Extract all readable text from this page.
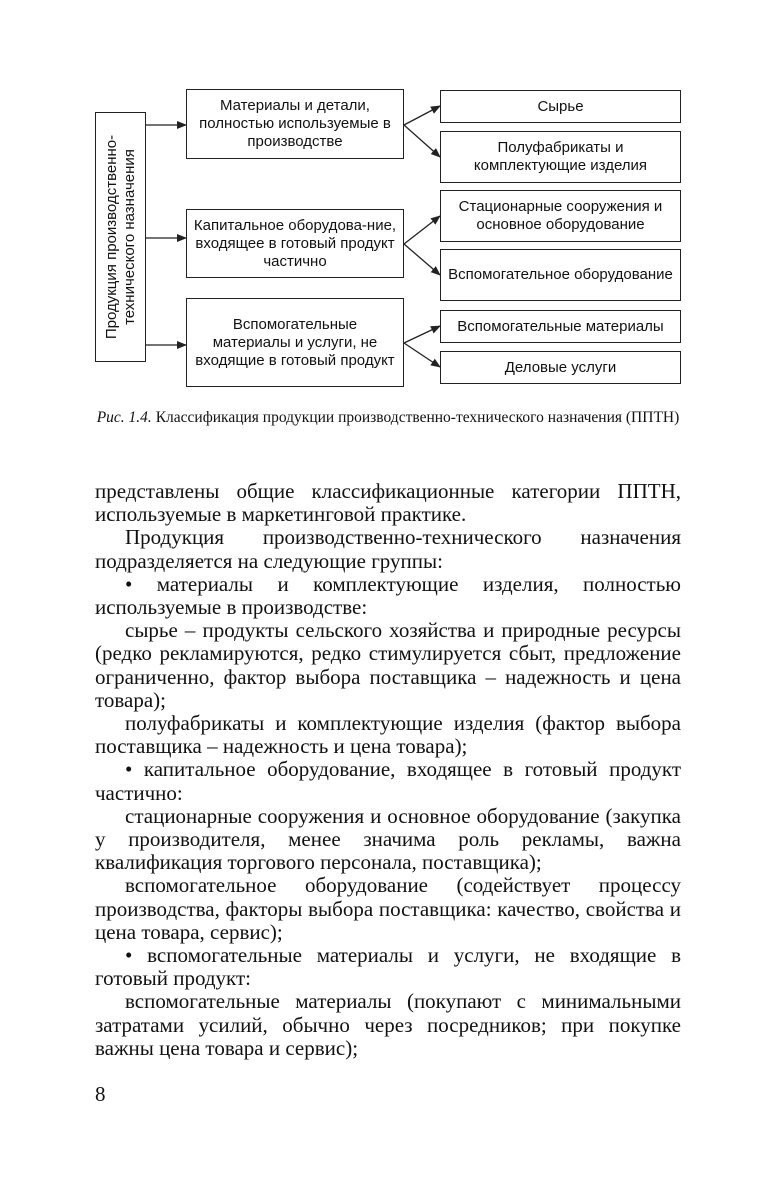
Продукция производственно-технического назначения
Материалы и детали, полностью используемые в производстве
Капитальное оборудова-ние, входящее в готовый продукт частично
Вспомогательные материалы и услуги, не входящие в готовый продукт
Сырье
Полуфабрикаты и комплектующие изделия
Стационарные сооружения и основное оборудование
Вспомогательное оборудование
Вспомогательные материалы
Деловые услуги
Рис. 1.4. Классификация продукции производственно-технического назначения (ППТН)

представлены общие классификационные категории ППТН, используемые в маркетинговой практике.

Продукция производственно-технического назначения подразделяется на следующие группы:

• материалы и комплектующие изделия, полностью используемые в производстве:

сырье – продукты сельского хозяйства и природные ресурсы (редко рекламируются, редко стимулируется сбыт, предложение ограниченно, фактор выбора поставщика – надежность и цена товара);

полуфабрикаты и комплектующие изделия (фактор выбора поставщика – надежность и цена товара);

• капитальное оборудование, входящее в готовый продукт частично:

стационарные сооружения и основное оборудование (закупка у производителя, менее значима роль рекламы, важна квалификация торгового персонала, поставщика);

вспомогательное оборудование (содействует процессу производства, факторы выбора поставщика: качество, свойства и цена товара, сервис);

• вспомогательные материалы и услуги, не входящие в готовый продукт:

вспомогательные материалы (покупают с минимальными затратами усилий, обычно через посредников; при покупке важны цена товара и сервис);

8
